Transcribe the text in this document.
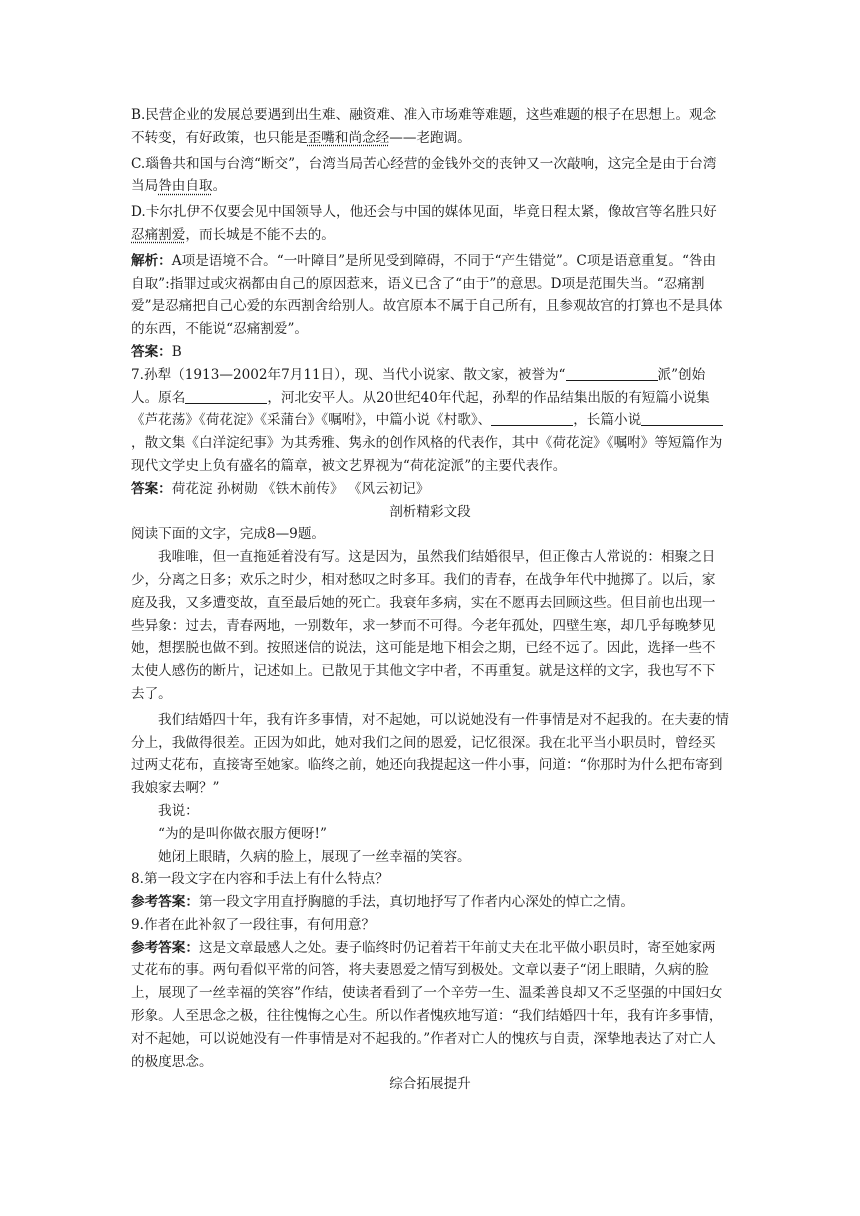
B.民营企业的发展总要遇到出生难、融资难、准入市场难等难题，这些难题的根子在思想上。观念不转变，有好政策，也只能是歪嘴和尚念经——老跑调。

C.瑙鲁共和国与台湾“断交”，台湾当局苦心经营的金钱外交的丧钟又一次敲响，这完全是由于台湾当局咎由自取。

D.卡尔扎伊不仅要会见中国领导人，他还会与中国的媒体见面，毕竟日程太紧，像故宫等名胜只好忍痛割爱，而长城是不能不去的。

解析：A项是语境不合。“一叶障目”是所见受到障碍，不同于“产生错觉”。C项是语意重复。“咎由自取”:指罪过或灾祸都由自己的原因惹来，语义已含了“由于”的意思。D项是范围失当。“忍痛割爱”是忍痛把自己心爱的东西割舍给别人。故宫原本不属于自己所有，且参观故宫的打算也不是具体的东西，不能说“忍痛割爱”。

答案：B

7.孙犁（1913—2002年7月11日），现、当代小说家、散文家，被誉为“	派”创始人。原名	，河北安平人。从20世纪40年代起，孙犁的作品结集出版的有短篇小说集《芦花荡》《荷花淀》《采蒲台》《嘱咐》，中篇小说《村歌》、	，长篇小说，散文集《白洋淀纪事》为其秀雅、隽永的创作风格的代表作，其中《荷花淀》《嘱咐》等短篇作为现代文学史上负有盛名的篇章，被文艺界视为“荷花淀派”的主要代表作。

答案：荷花淀 孙树勋 《铁木前传》 《风云初记》

剖析精彩文段

阅读下面的文字，完成8—9题。

我唯唯，但一直拖延着没有写。这是因为，虽然我们结婚很早，但正像古人常说的：相聚之日少，分离之日多；欢乐之时少，相对愁叹之时多耳。我们的青春，在战争年代中抛掷了。以后，家庭及我，又多遭变故，直至最后她的死亡。我衰年多病，实在不愿再去回顾这些。但目前也出现一些异象：过去，青春两地，一别数年，求一梦而不可得。今老年孤处，四壁生寒，却几乎每晚梦见她，想摆脱也做不到。按照迷信的说法，这可能是地下相会之期，已经不远了。因此，选择一些不太使人感伤的断片，记述如上。已散见于其他文字中者，不再重复。就是这样的文字，我也写不下去了。

我们结婚四十年，我有许多事情，对不起她，可以说她没有一件事情是对不起我的。在夫妻的情分上，我做得很差。正因为如此，她对我们之间的恩爱，记忆很深。我在北平当小职员时，曾经买过两丈花布，直接寄至她家。临终之前，她还向我提起这一件小事，问道：“你那时为什么把布寄到我娘家去啊？”

我说：

“为的是叫你做衣服方便呀!”

她闭上眼睛，久病的脸上，展现了一丝幸福的笑容。

8.第一段文字在内容和手法上有什么特点？

参考答案：第一段文字用直抒胸臆的手法，真切地抒写了作者内心深处的悼亡之情。

9.作者在此补叙了一段往事，有何用意？

参考答案：这是文章最感人之处。妻子临终时仍记着若干年前丈夫在北平做小职员时，寄至她家两丈花布的事。两句看似平常的问答，将夫妻恩爱之情写到极处。文章以妻子“闭上眼睛，久病的脸上，展现了一丝幸福的笑容”作结，使读者看到了一个辛劳一生、温柔善良却又不乏坚强的中国妇女形象。人至思念之极，往往愧悔之心生。所以作者愧疚地写道：“我们结婚四十年，我有许多事情，对不起她，可以说她没有一件事情是对不起我的。”作者对亡人的愧疚与自责，深挚地表达了对亡人的极度思念。

综合拓展提升
